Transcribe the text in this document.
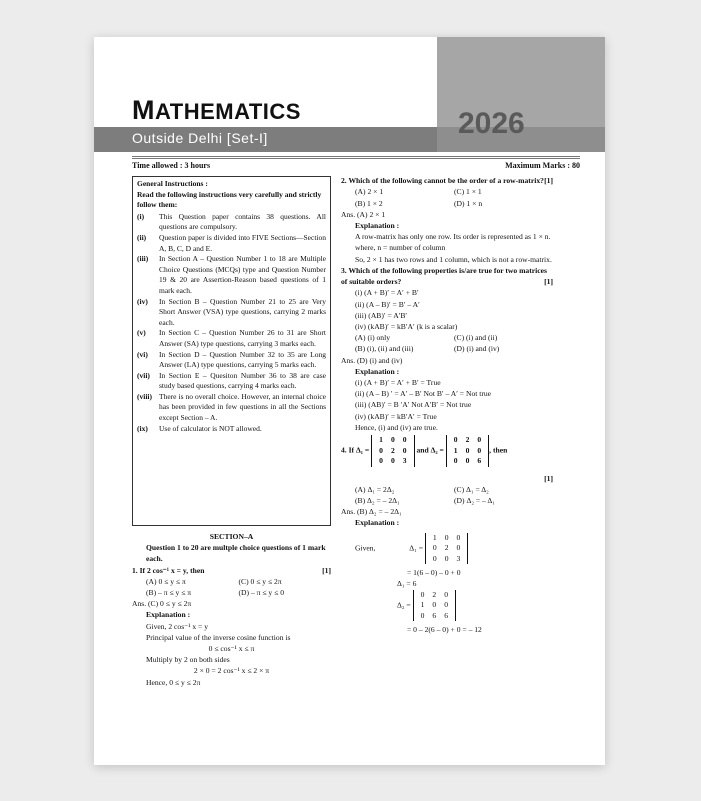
MATHEMATICS
Outside Delhi [Set-I]	2026
Time allowed : 3 hours	Maximum Marks : 80

General Instructions :

Read the following instructions very carefully and strictly follow them:

(i)	This Question paper contains 38 questions. All questions are compulsory.
(ii)	Question paper is divided into FIVE Sections—Section A, B, C, D and E.
(iii)	In Section A – Question Number 1 to 18 are Multiple Choice Questions (MCQs) type and Question Number 19 & 20 are Assertion-Reason based questions of 1 mark each.
(iv)	In Section B – Question Number 21 to 25 are Very Short Answer (VSA) type questions, carrying 2 marks each.
(v)	In Section C – Question Number 26 to 31 are Short Answer (SA) type questions, carrying 3 marks each.
(vi)	In Section D – Question Number 32 to 35 are Long Answer (LA) type questions, carrying 5 marks each.
(vii)	In Section E – Quesiton Number 36 to 38 are case study based questions, carrying 4 marks each.
(viii) There is no overall choice. However, an internal choice has been provided in few questions in all the Sections except Section – A.
(ix)	Use of calculator is NOT allowed.

SECTION–A

Question 1 to 20 are multple choice questions of 1 mark each.

1. If 2 cos⁻¹ x = y, then	[1]
(A) 0 ≤ y ≤ π	(C) 0 ≤ y ≤ 2π
(B) – π ≤ y ≤ π	(D) – π ≤ y ≤ 0

Ans. (C) 0 ≤ y ≤ 2π

Explanation :

Given, 2 cos⁻¹ x = y

Principal value of the inverse cosine function is

0 ≤ cos⁻¹ x ≤ π

Multiply by 2 on both sides

2 × 0 = 2 cos⁻¹ x ≤ 2 × π

Hence, 0 ≤ y ≤ 2π

2. Which of the following cannot be the order of a row-matrix? [1]

(A) 2 × 1	(C) 1 × 1
(B) 1 × 2	(D) 1 × n

Ans. (A) 2 × 1

Explanation :

A row-matrix has only one row. Its order is represented as 1 × n.

where, n = number of column

So, 2 × 1 has two rows and 1 column, which is not a row-matrix.

3. Which of the following properties is/are true for two matrices of suitable orders?	[1]

(i) (A + B)′ = A′ + B′

(ii) (A – B)′ = B′ – A′

(iii) (AB)′ = A′B′

(iv) (kAB)′ = kB′A′ (k is a scalar)

(A) (i) only	(C) (i) and (ii)
(B) (i), (ii) and (iii)	(D) (i) and (iv)

Ans. (D) (i) and (iv)

Explanation :

(i) (A + B)′ = A′ + B′ = True

(ii) (A – B) ′ = A′ – B′ Not B′ – A′ = Not true

(iii) (AB)′ = B ′A′ Not A′B′ = Not true

(iv) (kAB)′ = kB′A′ = True

Hence, (i) and (iv) are true.

4. If Δ₁ =
1	0	0
0	2	0
0	0	3
and Δ₂ =
0	2	0
1	0	0
0	0	6
, then

[1]

(A) Δ₁ = 2Δ₂	(C) Δ₁ = Δ₂
(B) Δ₂ = – 2Δ₁	(D) Δ₂ = – Δ₁

Ans. (B) Δ₂ = – 2Δ₁

Explanation :

Given,	Δ₁ =
1	0	0
0	2	0
0	0	3

= 1(6 – 0) – 0 + 0

Δ₁ = 6

Δ₂ =
0	2	0
1	0	0
0	6	6

= 0 – 2(6 – 0) + 0 = – 12
